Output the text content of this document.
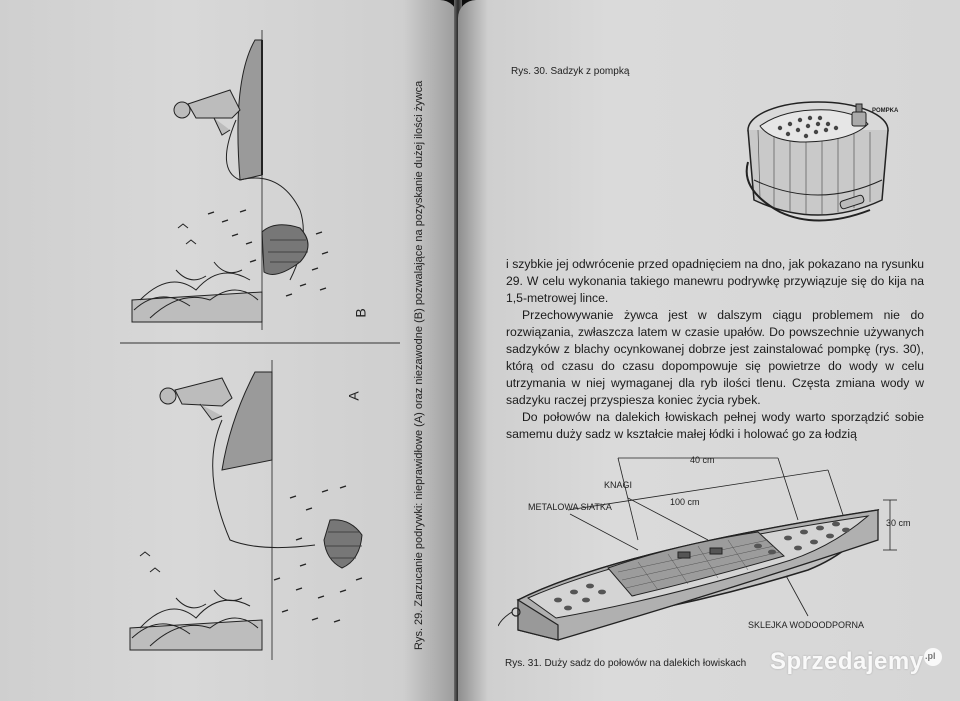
B
A	Rys. 29. Zarzucanie podrywki: nieprawidłowe (A) oraz niezawodne (B) pozwalające na pozyskanie dużej ilości żywca
Rys. 30. Sadzyk z pompką
POMPKA

i szybkie jej odwrócenie przed opadnięciem na dno, jak pokazano na rysunku 29. W celu wykonania takiego manewru podrywkę przywiązuje się do kija na 1,5-metrowej lince.

Przechowywanie żywca jest w dalszym ciągu problemem nie do rozwiązania, zwłaszcza latem w czasie upałów. Do powszechnie używanych sadzyków z blachy ocynkowanej dobrze jest zainstalować pompkę (rys. 30), którą od czasu do czasu dopompowuje się powietrze do wody w celu utrzymania w niej wymaganej dla ryb ilości tlenu. Częsta zmiana wody w sadzyku raczej przyspiesza koniec życia rybek.

Do połowów na dalekich łowiskach pełnej wody warto sporządzić sobie samemu duży sadz w kształcie małej łódki i holować go za łodzią

40 cm
KNAGI
100 cm
METALOWA SIATKA
30 cm
SKLEJKA WODOODPORNA
Rys. 31. Duży sadz do połowów na dalekich łowiskach Sprzedajemy .pl
